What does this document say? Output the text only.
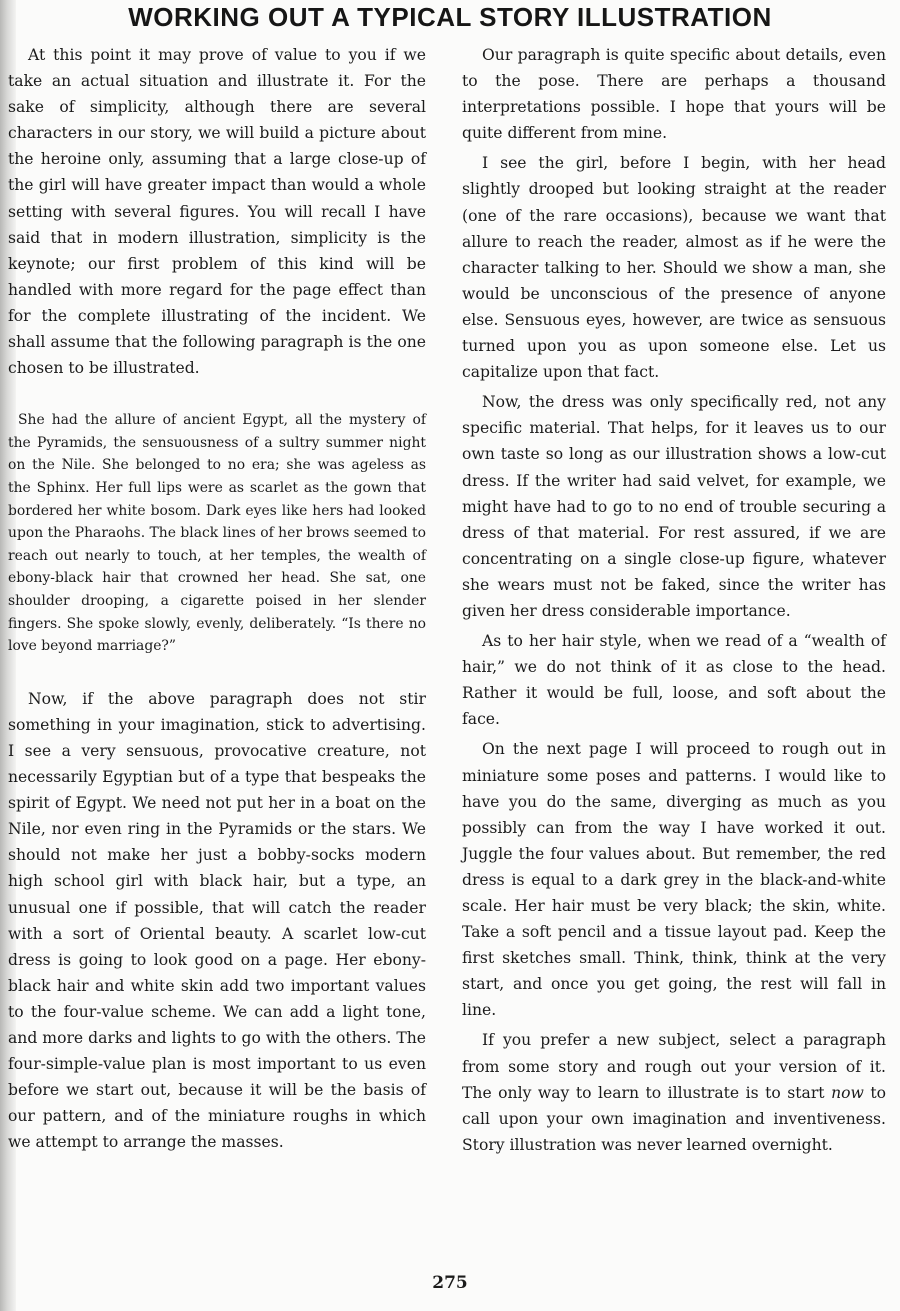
WORKING OUT A TYPICAL STORY ILLUSTRATION

At this point it may prove of value to you if we take an actual situation and illustrate it. For the sake of simplicity, although there are several characters in our story, we will build a picture about the heroine only, assuming that a large close-up of the girl will have greater impact than would a whole setting with several figures. You will recall I have said that in modern illustration, simplicity is the keynote; our first problem of this kind will be handled with more regard for the page effect than for the complete illustrating of the incident. We shall assume that the following paragraph is the one chosen to be illustrated.

She had the allure of ancient Egypt, all the mystery of the Pyramids, the sensuousness of a sultry summer night on the Nile. She belonged to no era; she was ageless as the Sphinx. Her full lips were as scarlet as the gown that bordered her white bosom. Dark eyes like hers had looked upon the Pharaohs. The black lines of her brows seemed to reach out nearly to touch, at her temples, the wealth of ebony-black hair that crowned her head. She sat, one shoulder drooping, a cigarette poised in her slender fingers. She spoke slowly, evenly, deliberately. “Is there no love beyond marriage?”

Now, if the above paragraph does not stir something in your imagination, stick to advertising. I see a very sensuous, provocative creature, not necessarily Egyptian but of a type that bespeaks the spirit of Egypt. We need not put her in a boat on the Nile, nor even ring in the Pyramids or the stars. We should not make her just a bobby-socks modern high school girl with black hair, but a type, an unusual one if possible, that will catch the reader with a sort of Oriental beauty. A scarlet low-cut dress is going to look good on a page. Her ebony-black hair and white skin add two important values to the four-value scheme. We can add a light tone, and more darks and lights to go with the others. The four-simple-value plan is most important to us even before we start out, because it will be the basis of our pattern, and of the miniature roughs in which we attempt to arrange the masses.

Our paragraph is quite specific about details, even to the pose. There are perhaps a thousand interpretations possible. I hope that yours will be quite different from mine.

I see the girl, before I begin, with her head slightly drooped but looking straight at the reader (one of the rare occasions), because we want that allure to reach the reader, almost as if he were the character talking to her. Should we show a man, she would be unconscious of the presence of anyone else. Sensuous eyes, however, are twice as sensuous turned upon you as upon someone else. Let us capitalize upon that fact.

Now, the dress was only specifically red, not any specific material. That helps, for it leaves us to our own taste so long as our illustration shows a low-cut dress. If the writer had said velvet, for example, we might have had to go to no end of trouble securing a dress of that material. For rest assured, if we are concentrating on a single close-up figure, whatever she wears must not be faked, since the writer has given her dress considerable importance.

As to her hair style, when we read of a “wealth of hair,” we do not think of it as close to the head. Rather it would be full, loose, and soft about the face.

On the next page I will proceed to rough out in miniature some poses and patterns. I would like to have you do the same, diverging as much as you possibly can from the way I have worked it out. Juggle the four values about. But remember, the red dress is equal to a dark grey in the black-and-white scale. Her hair must be very black; the skin, white. Take a soft pencil and a tissue layout pad. Keep the first sketches small. Think, think, think at the very start, and once you get going, the rest will fall in line.

If you prefer a new subject, select a paragraph from some story and rough out your version of it. The only way to learn to illustrate is to start now to call upon your own imagination and inventiveness. Story illustration was never learned overnight.

275
